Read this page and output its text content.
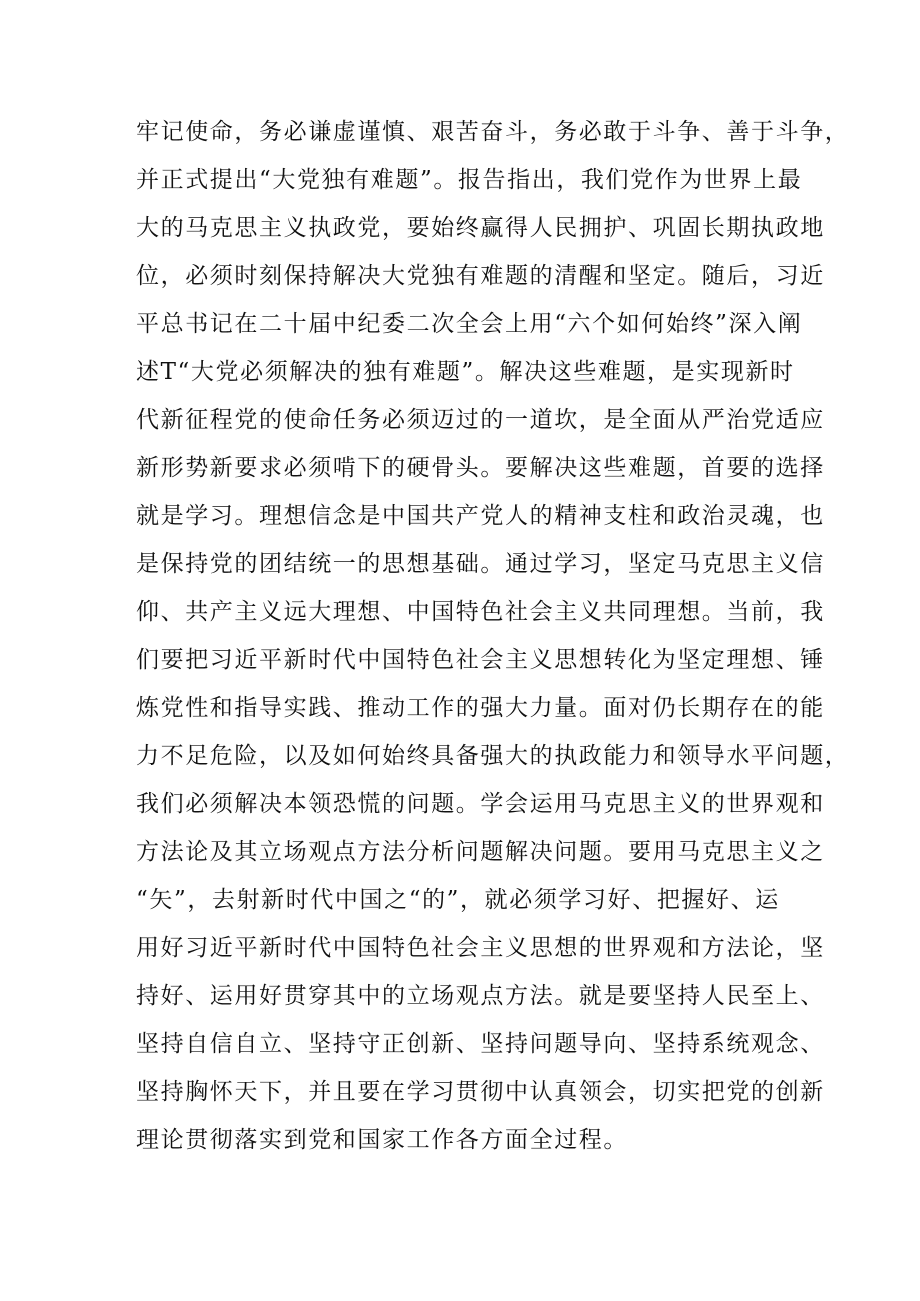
牢记使命，务必谦虚谨慎、艰苦奋斗，务必敢于斗争、善于斗争，
并正式提出“大党独有难题”。报告指出，我们党作为世界上最
大的马克思主义执政党，要始终赢得人民拥护、巩固长期执政地
位，必须时刻保持解决大党独有难题的清醒和坚定。随后，习近
平总书记在二十届中纪委二次全会上用“六个如何始终”深入阐
述T“大党必须解决的独有难题”。解决这些难题，是实现新时
代新征程党的使命任务必须迈过的一道坎，是全面从严治党适应
新形势新要求必须啃下的硬骨头。要解决这些难题，首要的选择
就是学习。理想信念是中国共产党人的精神支柱和政治灵魂，也
是保持党的团结统一的思想基础。通过学习，坚定马克思主义信
仰、共产主义远大理想、中国特色社会主义共同理想。当前，我
们要把习近平新时代中国特色社会主义思想转化为坚定理想、锤
炼党性和指导实践、推动工作的强大力量。面对仍长期存在的能
力不足危险，以及如何始终具备强大的执政能力和领导水平问题，
我们必须解决本领恐慌的问题。学会运用马克思主义的世界观和
方法论及其立场观点方法分析问题解决问题。要用马克思主义之
“矢”，去射新时代中国之“的”，就必须学习好、把握好、运
用好习近平新时代中国特色社会主义思想的世界观和方法论，坚
持好、运用好贯穿其中的立场观点方法。就是要坚持人民至上、
坚持自信自立、坚持守正创新、坚持问题导向、坚持系统观念、
坚持胸怀天下，并且要在学习贯彻中认真领会，切实把党的创新
理论贯彻落实到党和国家工作各方面全过程。
